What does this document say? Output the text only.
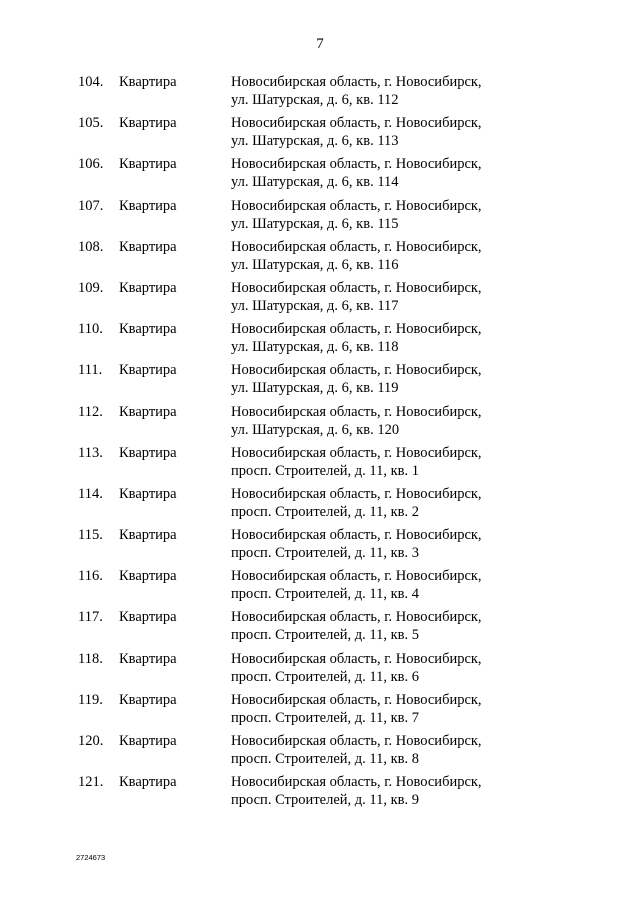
7
104. Квартира	Новосибирская область, г. Новосибирск,
ул. Шатурская, д. 6, кв. 112
105. Квартира	Новосибирская область, г. Новосибирск,
ул. Шатурская, д. 6, кв. 113
106. Квартира	Новосибирская область, г. Новосибирск,
ул. Шатурская, д. 6, кв. 114
107. Квартира	Новосибирская область, г. Новосибирск,
ул. Шатурская, д. 6, кв. 115
108. Квартира	Новосибирская область, г. Новосибирск,
ул. Шатурская, д. 6, кв. 116
109. Квартира	Новосибирская область, г. Новосибирск,
ул. Шатурская, д. 6, кв. 117
110. Квартира	Новосибирская область, г. Новосибирск,
ул. Шатурская, д. 6, кв. 118
111. Квартира	Новосибирская область, г. Новосибирск,
ул. Шатурская, д. 6, кв. 119
112. Квартира	Новосибирская область, г. Новосибирск,
ул. Шатурская, д. 6, кв. 120
113. Квартира	Новосибирская область, г. Новосибирск,
просп. Строителей, д. 11, кв. 1
114. Квартира	Новосибирская область, г. Новосибирск,
просп. Строителей, д. 11, кв. 2
115. Квартира	Новосибирская область, г. Новосибирск,
просп. Строителей, д. 11, кв. 3
116. Квартира	Новосибирская область, г. Новосибирск,
просп. Строителей, д. 11, кв. 4
117. Квартира	Новосибирская область, г. Новосибирск,
просп. Строителей, д. 11, кв. 5
118. Квартира	Новосибирская область, г. Новосибирск,
просп. Строителей, д. 11, кв. 6
119. Квартира	Новосибирская область, г. Новосибирск,
просп. Строителей, д. 11, кв. 7
120. Квартира	Новосибирская область, г. Новосибирск,
просп. Строителей, д. 11, кв. 8
121. Квартира	Новосибирская область, г. Новосибирск,
просп. Строителей, д. 11, кв. 9
2724673
